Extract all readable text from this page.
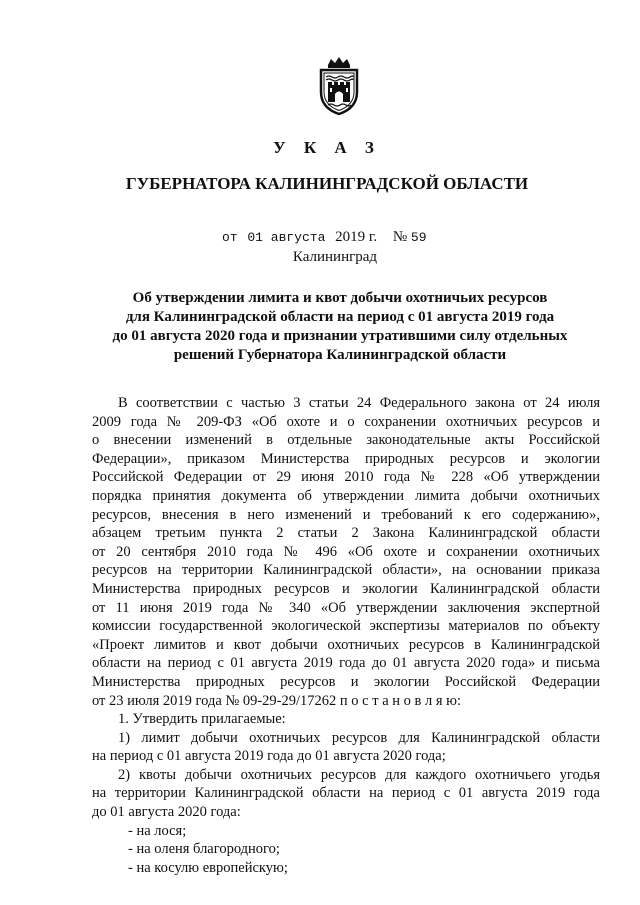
У К А З
ГУБЕРНАТОРА КАЛИНИНГРАДСКОЙ ОБЛАСТИ
от 01 августа 2019 г. № 59
Калининград
Об утверждении лимита и квот добычи охотничьих ресурсов
для Калининградской области на период с 01 августа 2019 года
до 01 августа 2020 года и признании утратившими силу отдельных
решений Губернатора Калининградской области
В соответствии с частью 3 статьи 24 Федерального закона от 24 июля
2009 года № 209-ФЗ «Об охоте и о сохранении охотничьих ресурсов и
о внесении изменений в отдельные законодательные акты Российской
Федерации», приказом Министерства природных ресурсов и экологии
Российской Федерации от 29 июня 2010 года № 228 «Об утверждении
порядка принятия документа об утверждении лимита добычи охотничьих
ресурсов, внесения в него изменений и требований к его содержанию»,
абзацем третьим пункта 2 статьи 2 Закона Калининградской области
от 20 сентября 2010 года № 496 «Об охоте и сохранении охотничьих
ресурсов на территории Калининградской области», на основании приказа
Министерства природных ресурсов и экологии Калининградской области
от 11 июня 2019 года № 340 «Об утверждении заключения экспертной
комиссии государственной экологической экспертизы материалов по объекту
«Проект лимитов и квот добычи охотничьих ресурсов в Калининградской
области на период с 01 августа 2019 года до 01 августа 2020 года» и письма
Министерства природных ресурсов и экологии Российской Федерации
от 23 июля 2019 года № 09-29-29/17262 п о с т а н о в л я ю:
1. Утвердить прилагаемые:
1) лимит добычи охотничьих ресурсов для Калининградской области
на период с 01 августа 2019 года до 01 августа 2020 года;
2) квоты добычи охотничьих ресурсов для каждого охотничьего угодья
на территории Калининградской области на период с 01 августа 2019 года
до 01 августа 2020 года:
- на лося;
- на оленя благородного;
- на косулю европейскую;
